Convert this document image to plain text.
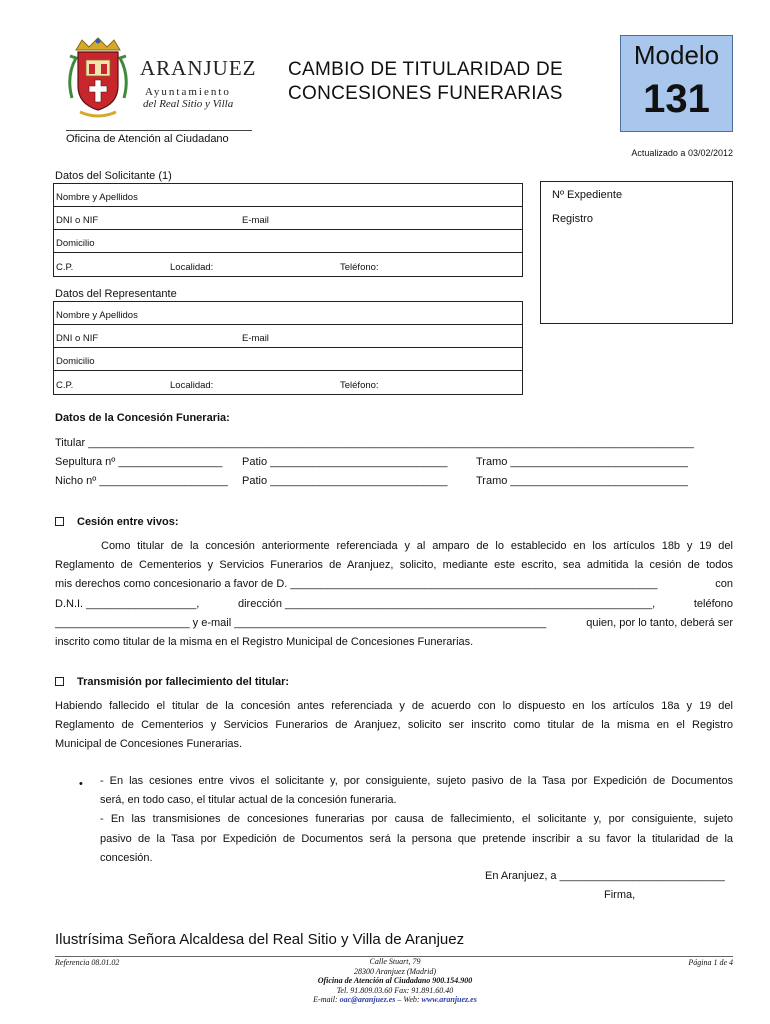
ARANJUEZ
Ayuntamiento
del Real Sitio y Villa
Oficina de Atención al Ciudadano
CAMBIO DE TITULARIDAD DE
CONCESIONES FUNERARIAS
Modelo
131
Actualizado a 03/02/2012
Datos del Solicitante (1)
Nombre y Apellidos
DNI o NIF	E-mail
Domicilio
C.P.	Localidad:	Teléfono:
Nº Expediente
Registro
Datos del Representante
Nombre y Apellidos
DNI o NIF	E-mail
Domicilio
C.P.	Localidad:	Teléfono:
Datos de la Concesión Funeraria:
Titular ___________________________________________________________________________________________________
Sepultura nº _________________ Patio _____________________________	Tramo _____________________________
Nicho nº _____________________ Patio _____________________________	Tramo _____________________________
Cesión entre vivos:
Como titular de la concesión anteriormente referenciada y al amparo de lo establecido en los artículos 18b y 19 del
Reglamento de Cementerios y Servicios Funerarios de Aranjuez, solicito, mediante este escrito, sea admitida la cesión de todos
mis derechos como concesionario a favor de D. ____________________________________________________________	con
D.N.I. __________________,	dirección ____________________________________________________________,	teléfono
______________________ y e-mail ___________________________________________________	quien, por lo tanto, deberá ser
inscrito como titular de la misma en el Registro Municipal de Concesiones Funerarias.
Transmisión por fallecimiento del titular:
Habiendo fallecido el titular de la concesión antes referenciada y de acuerdo con lo dispuesto en los artículos 18a y 19 del
Reglamento de Cementerios y Servicios Funerarios de Aranjuez, solicito ser inscrito como titular de la misma en el Registro
Municipal de Concesiones Funerarias.
• - En las cesiones entre vivos el solicitante y, por consiguiente, sujeto pasivo de la Tasa por Expedición de Documentos
será, en todo caso, el titular actual de la concesión funeraria.
- En las transmisiones de concesiones funerarias por causa de fallecimiento, el solicitante y, por consiguiente, sujeto
pasivo de la Tasa por Expedición de Documentos será la persona que pretende inscribir a su favor la titularidad de la
concesión.
En Aranjuez, a ___________________________
Firma,
Ilustrísima Señora Alcaldesa del Real Sitio y Villa de Aranjuez
Referencia 08.01.02	Página 1 de 4
Calle Stuart, 79
28300 Aranjuez (Madrid)
Oficina de Atención al Ciudadano 900.154.900
Tel. 91.809.03.60 Fax: 91.891.60.40
E-mail: oac@aranjuez.es – Web: www.aranjuez.es
